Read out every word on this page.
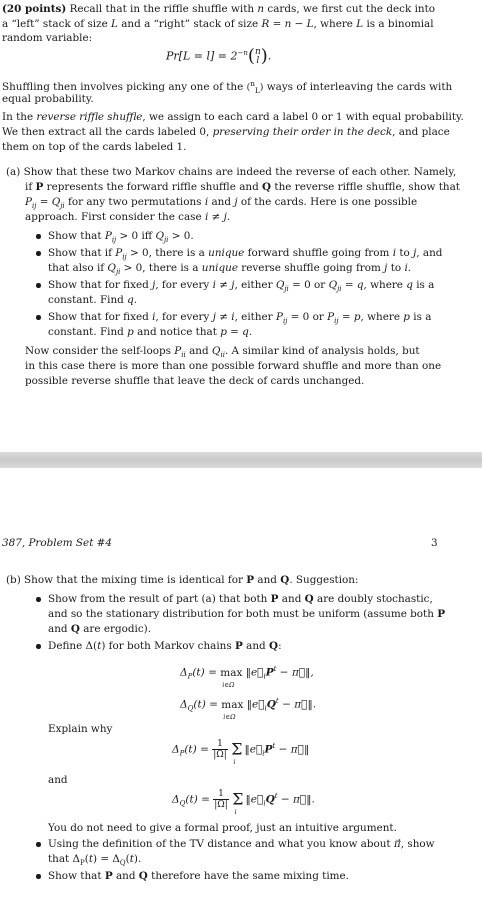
(20 points) Recall that in the riffle shuffle with n cards, we first cut the deck into
a “left” stack of size L and a “right” stack of size R = n − L, where L is a binomial
random variable:
$Pr[L = l] = 2^{-n}(n$
l).
Shuffling then involves picking any one of the ($^n_L$) ways of interleaving the cards with
equal probability.
In the reverse riffle shuffle, we assign to each card a label 0 or 1 with equal probability.
We then extract all the cards labeled 0, preserving their order in the deck, and place
them on top of the cards labeled 1.
(a) Show that these two Markov chains are indeed the reverse of each other. Namely,
if P represents the forward riffle shuffle and Q the reverse riffle shuffle, show that
$P_{ij} = Q_{ji}$ for any two permutations i and j of the cards. Here is one possible
approach. First consider the case i ≠ j.
Show that $P_{ij} > 0$ iff $Q_{ji} > 0$.
Show that if $P_{ij} > 0$, there is a unique forward shuffle going from i to j, and
that also if $Q_{ji} > 0$, there is a unique reverse shuffle going from j to i.
Show that for fixed j, for every i ≠ j, either $Q_{ji} = 0$ or $Q_{ji} = q$, where q is a
constant. Find q.
Show that for fixed i, for every j ≠ i, either $P_{ij} = 0$ or $P_{ij} = p$, where p is a
constant. Find p and notice that p = q.
Now consider the self-loops $P_{ii}$ and $Q_{ii}$. A similar kind of analysis holds, but
in this case there is more than one possible forward shuffle and more than one
possible reverse shuffle that leave the deck of cards unchanged.
387, Problem Set #4	3
(b) Show that the mixing time is identical for P and Q. Suggestion:
Show from the result of part (a) that both P and Q are doubly stochastic,
and so the stationary distribution for both must be uniform (assume both P
and Q are ergodic).
Define Δ(t) for both Markov chains P and Q:
$\Delta_P(t) = \max$
i∈Ω
$‖e_iP^t$ − π⃗‖,
$\Delta_Q(t) = \max$
i∈Ω
$‖e_iQ^t$ − π⃗‖.
Explain why
$\Delta_P(t) = 1$
|Ω| $\Sigma_i‖e_iP^t$ − π⃗‖
and
$\Delta_Q(t) = 1$
|Ω| $\Sigma_i‖e_iQ^t$ − π⃗‖.
You do not need to give a formal proof, just an intuitive argument.
Using the definition of the TV distance and what you know about π⃗, show
that $\Delta_P(t) = \Delta_Q(t)$.
Show that P and Q therefore have the same mixing time.
